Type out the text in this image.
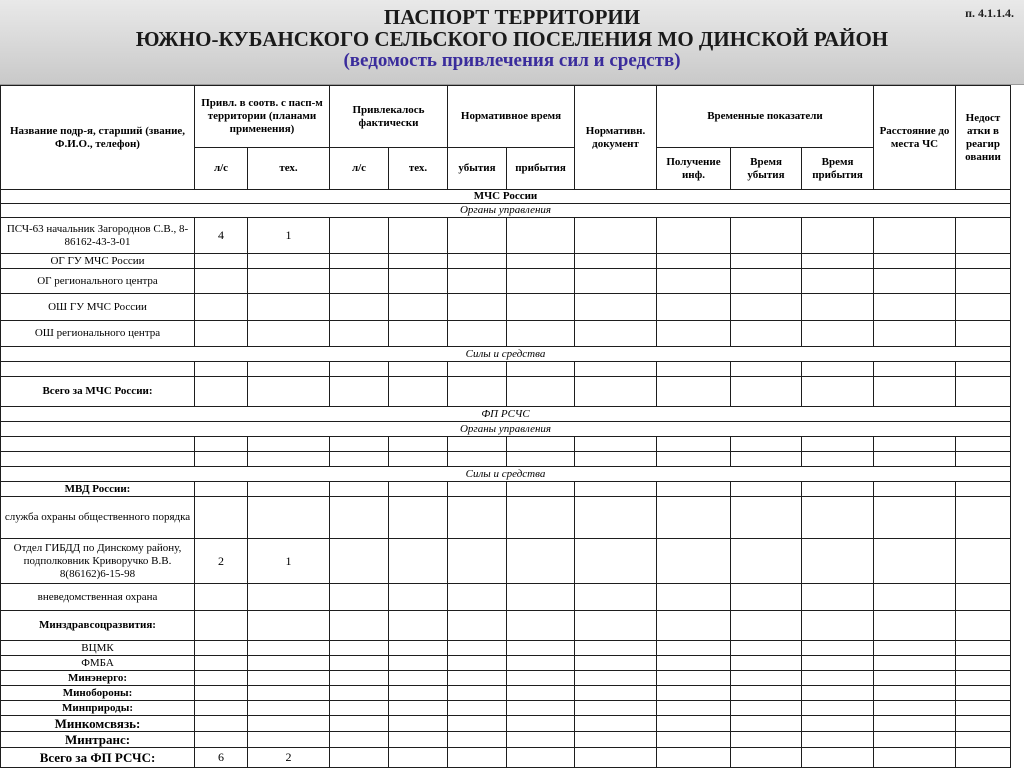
ПАСПОРТ ТЕРРИТОРИИ
ЮЖНО-КУБАНСКОГО СЕЛЬСКОГО ПОСЕЛЕНИЯ МО ДИНСКОЙ РАЙОН
(ведомость привлечения сил и средств)
п. 4.1.1.4.
Название подр-я, старший (звание, Ф.И.О., телефон)	Привл. в соотв. с пасп-м территории (планами применения)		Привлекалось фактически		Нормативное время		Нормативн. документ	Временные показатели			Расстояние до места ЧС	Недост атки в реагир овании
	л/с	тех.	л/с	тех.	убытия	прибытия		Получение инф.	Время убытия	Время прибытия		
МЧС России												
Органы управления												
ПСЧ-63 начальник Загороднов С.В., 8-86162-43-3-01	4	1										
ОГ ГУ МЧС России												
ОГ регионального центра												
ОШ ГУ МЧС России												
ОШ регионального центра												
Силы и средства												

Всего за МЧС России:												
ФП РСЧС												
Органы управления												

Силы и средства												
МВД России:												
служба охраны общественного порядка												
Отдел ГИБДД по Динскому району, подполковник Криворучко В.В. 8(86162)6-15-98	2	1										
вневедомственная охрана												
Минздравсоцразвития:												
ВЦМК												
ФМБА												
Минэнерго:												
Минобороны:												
Минприроды:												
Минкомсвязь:												
Минтранс:												
Всего за ФП РСЧС:	6	2										
